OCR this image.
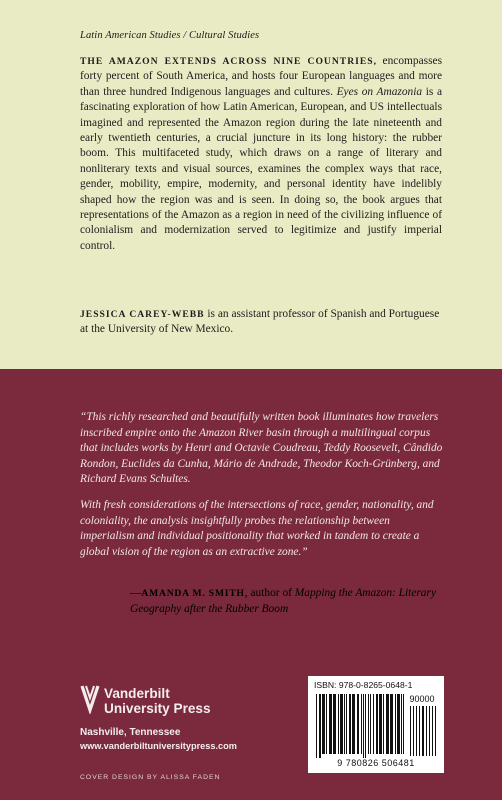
Latin American Studies / Cultural Studies
THE AMAZON EXTENDS ACROSS NINE COUNTRIES, encompasses forty percent of South America, and hosts four European languages and more than three hundred Indigenous languages and cultures. Eyes on Amazonia is a fascinating exploration of how Latin American, European, and US intellectuals imagined and represented the Amazon region during the late nineteenth and early twentieth centuries, a crucial juncture in its long history: the rubber boom. This multifaceted study, which draws on a range of literary and nonliterary texts and visual sources, examines the complex ways that race, gender, mobility, empire, modernity, and personal identity have indelibly shaped how the region was and is seen. In doing so, the book argues that representations of the Amazon as a region in need of the civilizing influence of colonialism and modernization served to legitimize and justify imperial control.
JESSICA CAREY-WEBB is an assistant professor of Spanish and Portuguese at the University of New Mexico.

“This richly researched and beautifully written book illuminates how travelers inscribed empire onto the Amazon River basin through a multilingual corpus that includes works by Henri and Octavie Coudreau, Teddy Roosevelt, Cândido Rondon, Euclides da Cunha, Mário de Andrade, Theodor Koch-Grünberg, and Richard Evans Schultes.

With fresh considerations of the intersections of race, gender, nationality, and coloniality, the analysis insightfully probes the relationship between imperialism and individual positionality that worked in tandem to create a global vision of the region as an extractive zone.”

—AMANDA M. SMITH, author of Mapping the Amazon: Literary Geography after the Rubber Boom
Vanderbilt
University Press
Nashville, Tennessee
www.vanderbiltuniversitypress.com
COVER DESIGN BY ALISSA FADEN
ISBN: 978-0-8265-0648-1
90000
9 780826 506481
